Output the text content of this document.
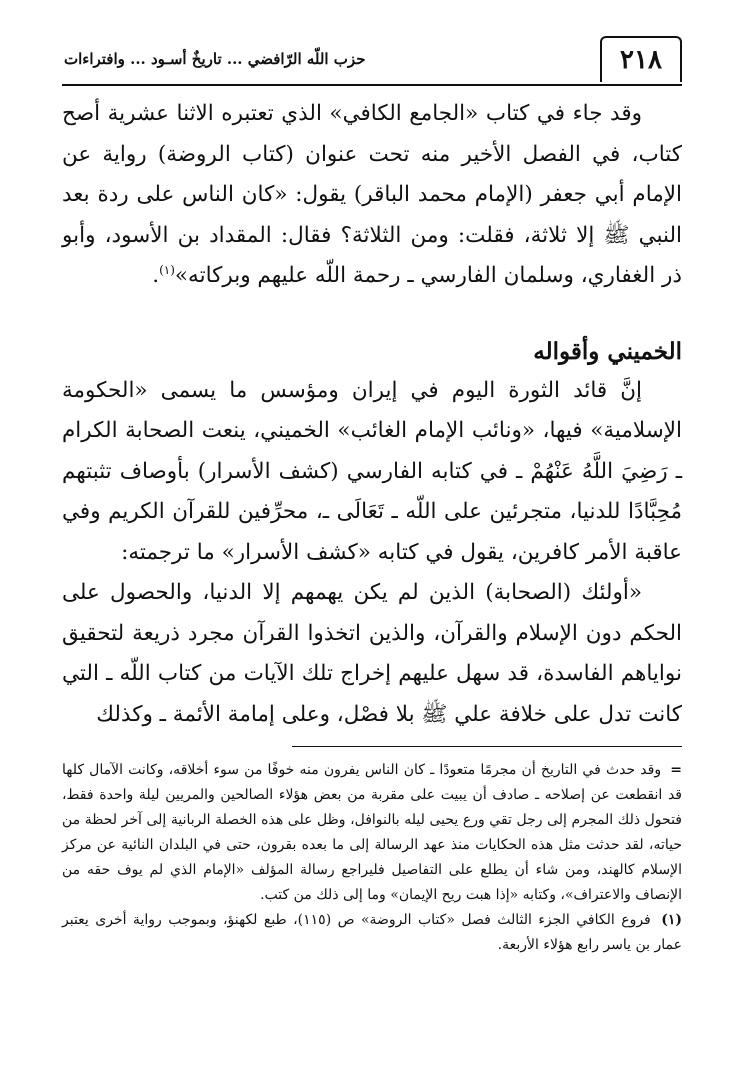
٢١٨
حزب اللّه الرّافضي ... تاريخٌ أسـود ... وافتراءات

وقد جاء في كتاب «الجامع الكافي» الذي تعتبره الاثنا عشرية أصح كتاب، في الفصل الأخير منه تحت عنوان (كتاب الروضة) رواية عن الإمام أبي جعفر (الإمام محمد الباقر) يقول: «كان الناس على ردة بعد النبي ﷺ إلا ثلاثة، فقلت: ومن الثلاثة؟ فقال: المقداد بن الأسود، وأبو ذر الغفاري، وسلمان الفارسي ـ رحمة اللّه عليهم وبركاته»$^{(١)}$.

الخميني وأقواله

إنَّ قائد الثورة اليوم في إيران ومؤسس ما يسمى «الحكومة الإسلامية» فيها، «ونائب الإمام الغائب» الخميني، ينعت الصحابة الكرام ـ رَضِيَ اللَّهُ عَنْهُمْ ـ في كتابه الفارسي (كشف الأسرار) بأوصاف تثبتهم مُحِبَّادًا للدنيا، متجرئين على اللّه ـ تَعَالَى ـ، محرِّفين للقرآن الكريم وفي عاقبة الأمر كافرين، يقول في كتابه «كشف الأسرار» ما ترجمته:

«أولئك (الصحابة) الذين لم يكن يهمهم إلا الدنيا، والحصول على الحكم دون الإسلام والقرآن، والذين اتخذوا القرآن مجرد ذريعة لتحقيق نواياهم الفاسدة، قد سهل عليهم إخراج تلك الآيات من كتاب اللّه ـ التي كانت تدل على خلافة علي ﷺ بلا فصْل، وعلى إمامة الأئمة ـ وكذلك

= وقد حدث في التاريخ أن مجرمًا متعودًا ـ كان الناس يفرون منه خوفًا من سوء أخلاقه، وكانت الآمال كلها قد انقطعت عن إصلاحه ـ صادف أن يبيت على مقربة من بعض هؤلاء الصالحين والمريين ليلة واحدة فقط، فتحول ذلك المجرم إلى رجل تقي ورع يحيى ليله بالنوافل، وظل على هذه الخصلة الربانية إلى آخر لحظة من حياته، لقد حدثت مثل هذه الحكايات منذ عهد الرسالة إلى ما بعده بقرون، حتى في البلدان النائية عن مركز الإسلام كالهند، ومن شاء أن يطلع على التفاصيل فليراجع رسالة المؤلف «الإمام الذي لم يوف حقه من الإنصاف والاعتراف»، وكتابه «إذا هبت ريح الإيمان» وما إلى ذلك من كتب.

(١) فروع الكافي الجزء الثالث فصل «كتاب الروضة» ص (١١٥)، طبع لكهنؤ، وبموجب رواية أخرى يعتبر عمار بن ياسر رابع هؤلاء الأربعة.
